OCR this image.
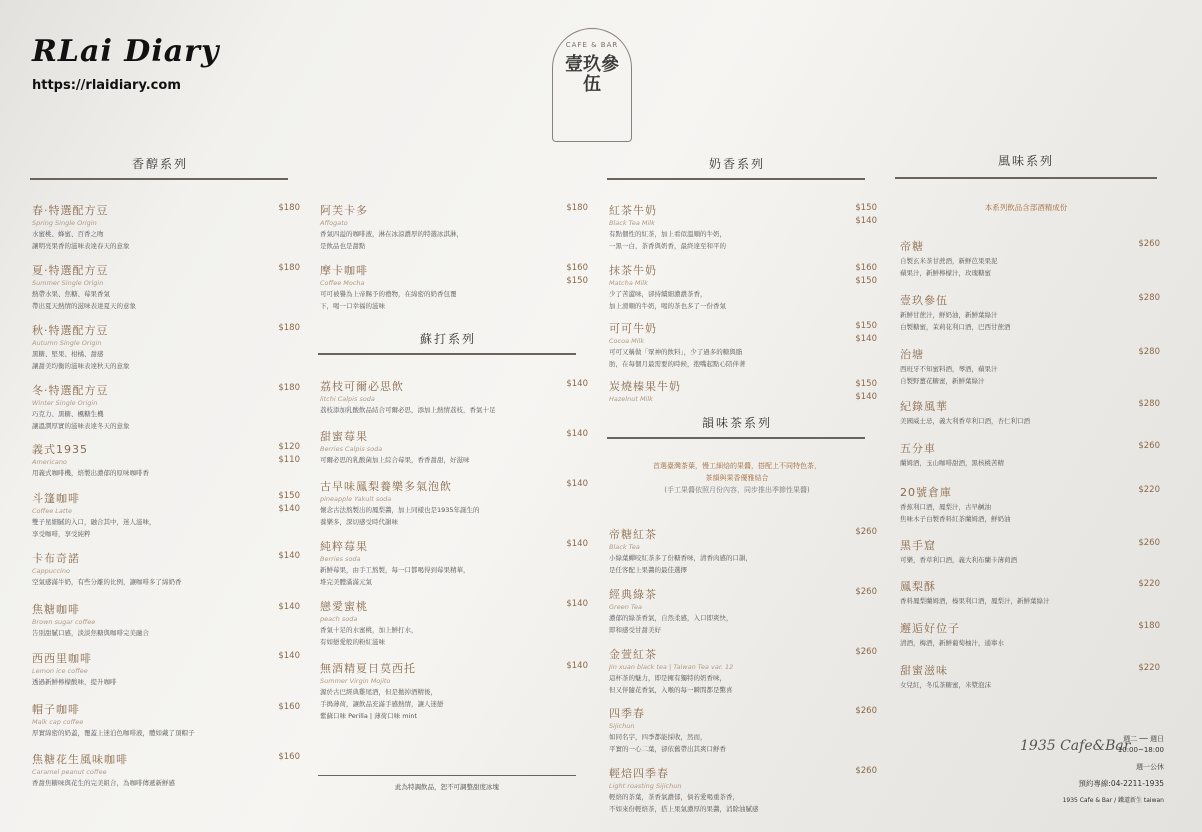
RLai Diary
https://rlaidiary.com
CAFE & BAR
壹玖參伍
香醇系列
蘇打系列
奶香系列
韻味茶系列
風味系列
本系列飲品含部酒精成份
首選臺灣茶葉，慢工細焙的果醬，搭配上不同特色茶，
茶韻與果香優雅結合
(手工果醬依照月份內容，同步推出季節性果醬)
此為特調飲品，恕不可調整甜度冰塊
春‧特選配方豆
Spring Single Origin
水蜜桃、蜂蜜、百香之吻
讓明亮果香的滋味表達春天的意象
$180
夏‧特選配方豆
Summer Single Origin
熱帶水果、焦糖、莓果香氣
帶出夏天熱情的滋味表達夏天的意象
$180
秋‧特選配方豆
Autumn Single Origin
黑糖、堅果、柑橘、甜感
讓甜美均衡的滋味表達秋天的意象
$180
冬‧特選配方豆
Winter Single Origin
巧克力、黑糖、楓糖生機
讓溫潤厚實的滋味表達冬天的意象
$180
義式1935
Americano
用義式咖啡機，焙製出濃郁的原味咖啡香
$120
$110
斗篷咖啡
Coffee Latte
雙子星細膩的入口，融合其中，迷人滋味，
享受咖啡，享受純粹
$150
$140
卡布奇諾
Cappuccino
空氣感滿牛奶，有些分離的比例，讓咖啡多了綿奶香
$140
焦糖咖啡
Brown sugar coffee
告別甜膩口感，淡淡焦糖與咖啡完美融合
$140
西西里咖啡
Lemon ice coffee
透過新鮮檸檬酸味，提升咖啡
$140
帽子咖啡
Malk cap coffee
厚實綿密的奶蓋，覆蓋上迷泊色咖啡液，體如戴了頂帽子
$160
焦糖花生風味咖啡
Caramel peanut coffee
香甜焦糖味與花生的完美組合，為咖啡傳遞新鮮感
$160
阿芙卡多
Affogato
香氣四溢的咖啡液，淋在冰涼濃厚的特選冰淇淋，
是飲品也是甜點
$180
摩卡咖啡
Coffee Mocha
可可被譽為上帝賜予的禮物，在綿密的奶香包覆
下，喝一口幸福的滋味
$160
$150
荔枝可爾必思飲
litchi Calpis soda
荔枝添加乳酸飲品結合可爾必思，添加上熱情荔枝，香氣十足
$140
甜蜜莓果
Berries Calpis soda
可爾必思的乳酸菌加上綜合莓果，香香甜甜，好滋味
$140
古早味鳳梨養樂多氣泡飲
pineapple Yakult soda
懷念古法熬製出的鳳梨醬，加上同樣也是1935年誕生的
養樂多，深切感受時代韻味
$140
純粹莓果
Berries soda
新鮮莓果，由手工熬製，每一口都喝得到莓果精華，
堆完美體滿滿元氣
$140
戀愛蜜桃
peach soda
香氣十足的水蜜桃，加上鮮打水，
有如戀愛般的粉紅滋味
$140
無酒精夏日莫西托
Summer Virgin Mojito
源於古巴經典雞尾酒，但是拋掉酒精後，
手搗薄荷，讓飲品充滿手感熱情，讓人迷戀
紫蘇口味 Perilla | 薄荷口味 mint
$140
紅茶牛奶
Black Tea Milk
有點個性的紅茶，加上看似溫順的牛奶，
一黑一白，茶香與奶香，最終達至和平的
$150
$140
抹茶牛奶
Matcha Milk
少了苦澀味，卻持續細濃濃茶香，
加上滑順的牛奶，喝的茶也多了一份香氣
$160
$150
可可牛奶
Cocoa Milk
可可又稱做「眾神的飲料」，少了過多的糖與脂
肪，在每個月最需要的時候，抱嘴起點心陪伴著
$150
$140
炭燒榛果牛奶
Hazelnut Milk
$150
$140
帝糖紅茶
Black Tea
小綠葉蟬咬紅茶多了份糖香味，清香肉感的口韻，
是任客配上果醬的最佳選擇
$260
經典綠茶
Green Tea
濃郁的綠茶香氣，自然柔感，入口即爽快，
即和感受甘甜美好
$260
金萱紅茶
Jin xuan black tea | Taiwan Tea var. 12
這杯茶的魅力，即是擁有獨特的奶香味，
但又伴隨花香氣，入喉的每一瞬間都是驚喜
$260
四季春
Sijichun
如同名字，四季都能採收，然而，
平實的一心二葉，卻依舊帶出其爽口鮮香
$260
輕焙四季春
Light roasting Sijichun
輕焙的茶葉，茶香氣濃郁，倘若愛喝重茶香，
不如來份輕焙茶，搭上果氣濃厚的果醬，消除油膩感
$260
帝糖
自製玄米茶甘蔗酒，新鮮芭果果泥
蘋果汁，新鮮檸檬汁，玫瑰糖蜜
$260
壹玖參伍
新鮮甘蔗汁，鮮奶油，新鮮葉綠汁
白製糖蜜，茉莉花利口酒，巴西甘蔗酒
$280
治塘
西班牙不知蜜料酒，琴酒，蘋果汁
自製野薑花糖蜜，新鮮葉綠汁
$280
紀錄風華
美國威士忌，義大利香草利口酒，杏仁利口酒
$280
五分車
蘭姆酒，玉山咖啡甜酒，黑核桃苦精
$260
20號倉庫
香蕉利口酒，鳳梨汁，古早鹹油
焦味木子白製香料紅茶蘭姆酒，鮮奶油
$220
黑手窟
可樂，香草利口酒，義大利布蘭卡薄荷酒
$260
鳳梨酥
香料鳳梨蘭姆酒，榛果利口酒，鳳梨汁，新鮮葉綠汁
$220
邂逅好位子
清酒，梅酒，新鮮葡萄柚汁，通寧水
$180
甜蜜滋味
女兒紅，冬瓜茶糖蜜，米漿泡沫
$220
1935 Cafe&Bar
週二 ── 週日
10:00~18:00
週一公休
預約專線:04-2211-1935
1935 Cafe & Bar / 鐵道新生 taiwan
